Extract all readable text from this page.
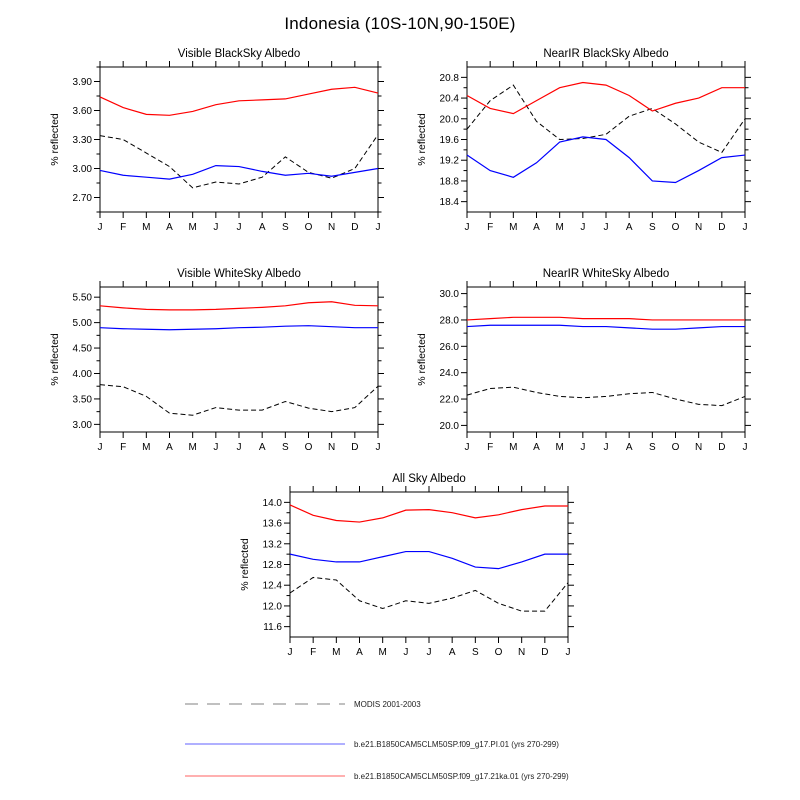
Indonesia (10S-10N,90-150E)
J F M A M J J A S O N D J
2.70
3.00
3.30
3.60
3.90
Visible BlackSky Albedo
% reflected
J F M A M J J A S O N D J
18.4
18.8
19.2
19.6
20.0
20.4
20.8
NearIR BlackSky Albedo
% reflected
J F M A M J J A S O N D J
3.00
3.50
4.00
4.50
5.00
5.50
Visible WhiteSky Albedo
% reflected
J F M A M J J A S O N D J
20.0
22.0
24.0
26.0
28.0
30.0
NearIR WhiteSky Albedo
% reflected
J F M A M J J A S O N D J
11.6
12.0
12.4
12.8
13.2
13.6
14.0
All Sky Albedo
% reflected
MODIS 2001-2003
b.e21.B1850CAM5CLM50SP.f09_g17.PI.01 (yrs 270-299)
b.e21.B1850CAM5CLM50SP.f09_g17.21ka.01 (yrs 270-299)
